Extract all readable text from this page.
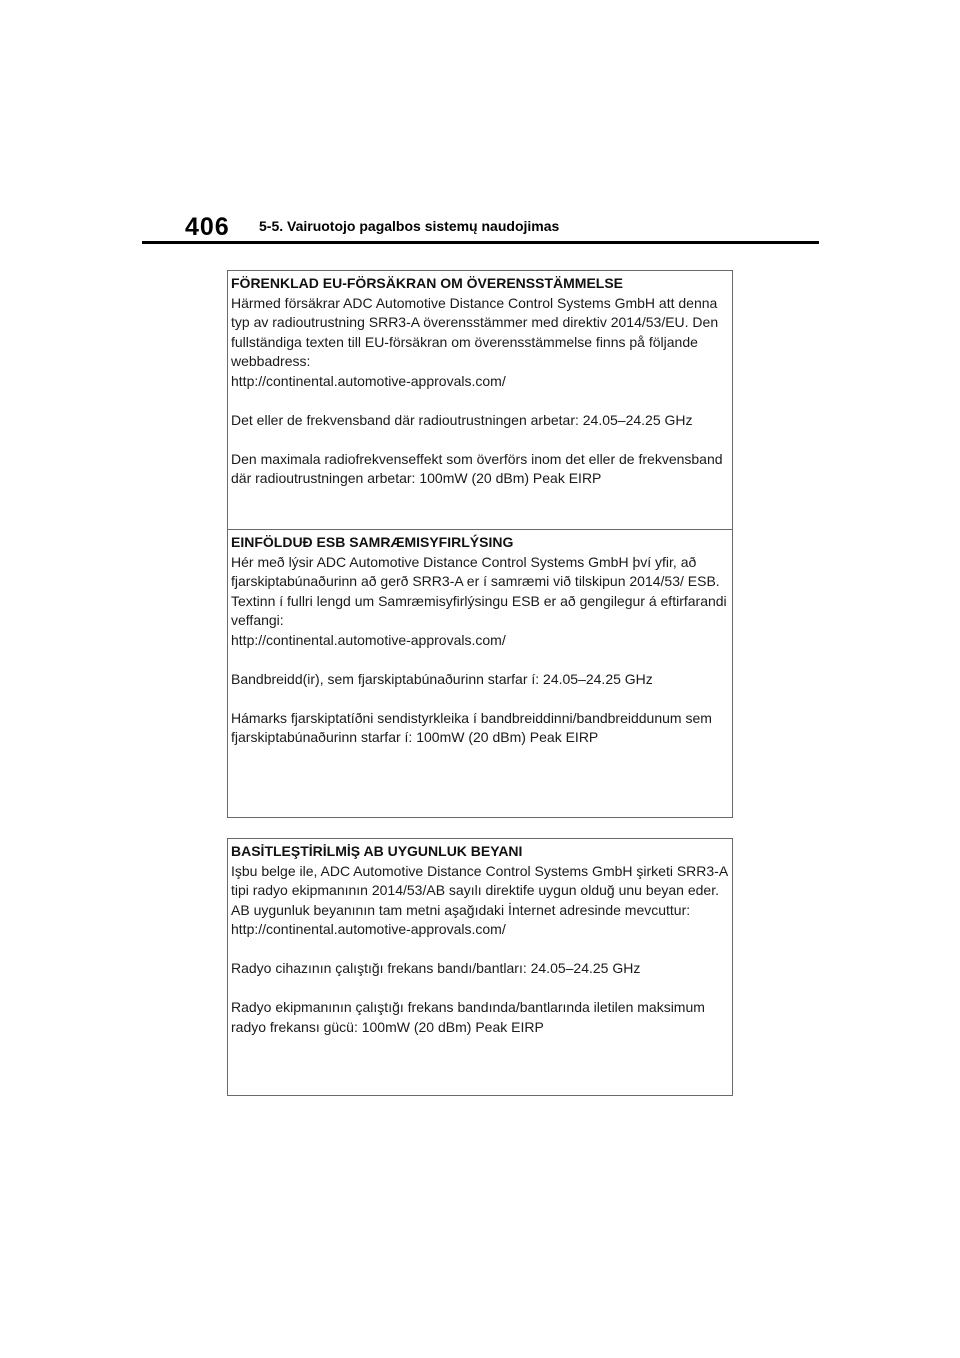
406 5-5. Vairuotojo pagalbos sistemų naudojimas
FÖRENKLAD EU-FÖRSÄKRAN OM ÖVERENSSTÄMMELSE

Härmed försäkrar ADC Automotive Distance Control Systems GmbH att denna typ av radioutrustning SRR3-A överensstämmer med direktiv 2014/53/EU. Den fullständiga texten till EU-försäkran om överensstämmelse finns på följande webbadress:
http://continental.automotive-approvals.com/

Det eller de frekvensband där radioutrustningen arbetar: 24.05–24.25 GHz

Den maximala radiofrekvenseffekt som överförs inom det eller de frekvensband där radioutrustningen arbetar: 100mW (20 dBm) Peak EIRP

EINFÖLDUÐ ESB SAMRÆMISYFIRLÝSING

Hér með lýsir ADC Automotive Distance Control Systems GmbH því yfir, að fjarskiptabúnaðurinn að gerð SRR3-A er í samræmi við tilskipun 2014/53/ ESB. Textinn í fullri lengd um Samræmisyfirlýsingu ESB er að gengilegur á eftirfarandi veffangi:
http://continental.automotive-approvals.com/

Bandbreidd(ir), sem fjarskiptabúnaðurinn starfar í: 24.05–24.25 GHz

Hámarks fjarskiptatíðni sendistyrkleika í bandbreiddinni/bandbreiddunum sem fjarskiptabúnaðurinn starfar í: 100mW (20 dBm) Peak EIRP

BASİTLEŞTİRİLMİŞ AB UYGUNLUK BEYANI

Işbu belge ile, ADC Automotive Distance Control Systems GmbH şirketi SRR3-A tipi radyo ekipmanının 2014/53/AB sayılı direktife uygun olduğ unu beyan eder. AB uygunluk beyanının tam metni aşağıdaki İnternet adresinde mevcuttur:
http://continental.automotive-approvals.com/

Radyo cihazının çalıştığı frekans bandı/bantları: 24.05–24.25 GHz

Radyo ekipmanının çalıştığı frekans bandında/bantlarında iletilen maksimum radyo frekansı gücü: 100mW (20 dBm) Peak EIRP
